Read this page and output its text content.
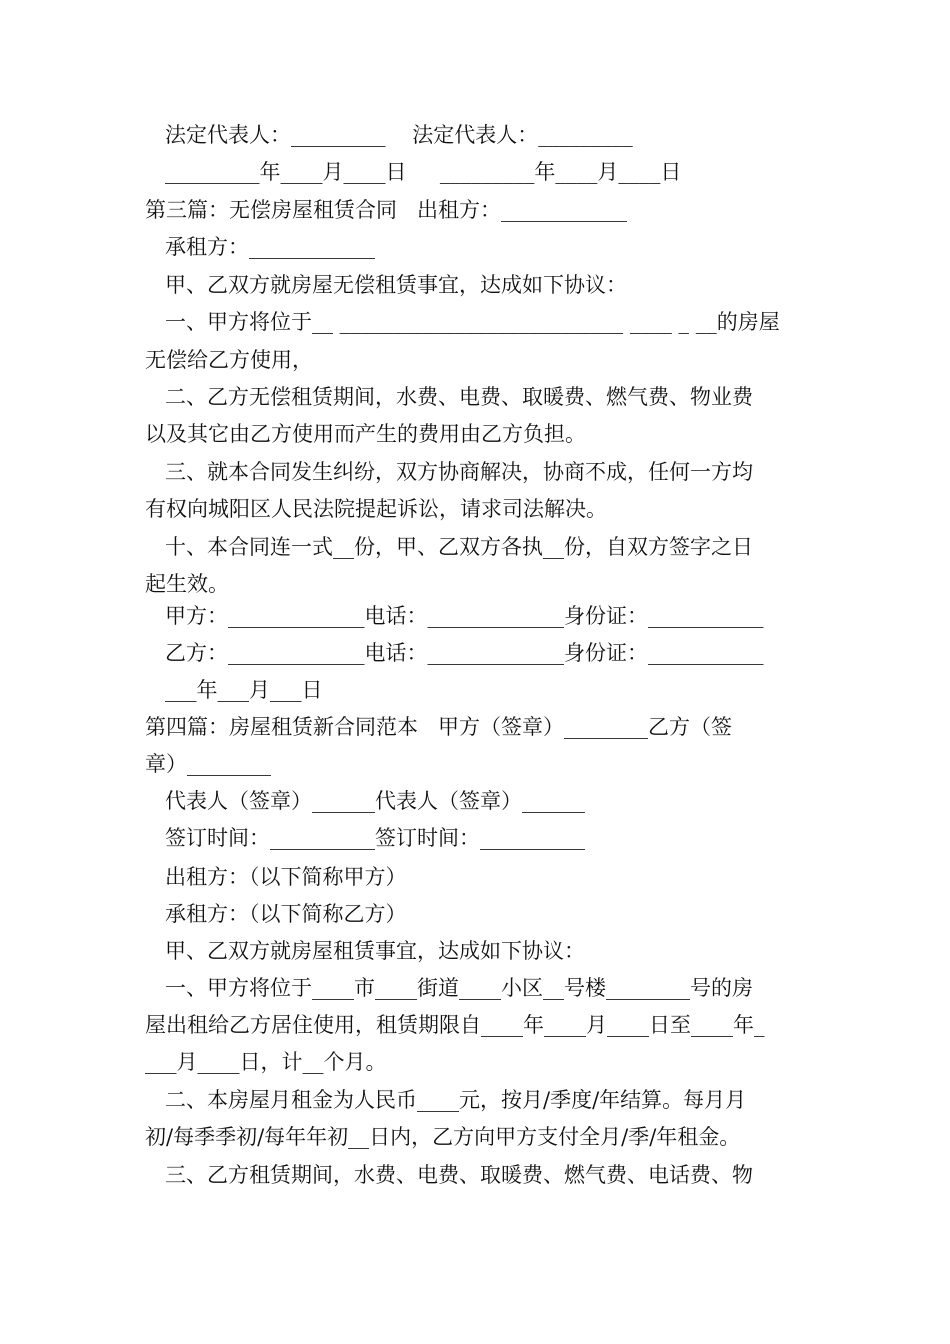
法定代表人：_________    法定代表人：_________
_________年____月____日     _________年____月____日
第三篇：无偿房屋租赁合同   出租方：____________
承租方：____________
甲、乙双方就房屋无偿租赁事宜，达成如下协议：
一、甲方将位于__ ___________________________ ____ _ __的房屋
无偿给乙方使用，
二、乙方无偿租赁期间，水费、电费、取暖费、燃气费、物业费
以及其它由乙方使用而产生的费用由乙方负担。
三、就本合同发生纠纷，双方协商解决，协商不成，任何一方均
有权向城阳区人民法院提起诉讼，请求司法解决。
十、本合同连一式__份，甲、乙双方各执__份，自双方签字之日
起生效。
甲方：_____________电话：_____________身份证：___________
乙方：_____________电话：_____________身份证：___________
___年___月___日
第四篇：房屋租赁新合同范本   甲方（签章）________乙方（签
章）________
代表人（签章）______代表人（签章）______
签订时间：__________签订时间：__________
出租方：（以下简称甲方）
承租方：（以下简称乙方）
甲、乙双方就房屋租赁事宜，达成如下协议：
一、甲方将位于____市____街道____小区__号楼________号的房
屋出租给乙方居住使用，租赁期限自____年____月____日至____年_
___月____日，计__个月。
二、本房屋月租金为人民币____元，按月/季度/年结算。每月月
初/每季季初/每年年初__日内，乙方向甲方支付全月/季/年租金。
三、乙方租赁期间，水费、电费、取暖费、燃气费、电话费、物
